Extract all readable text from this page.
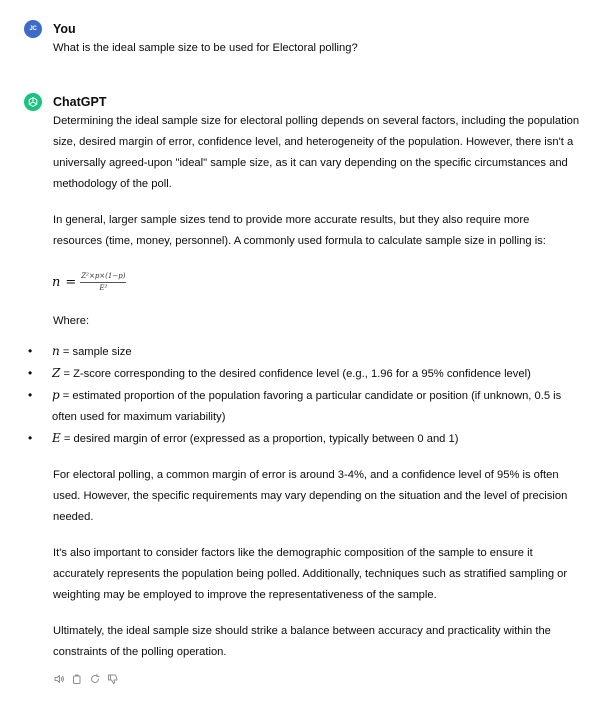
JC	You
What is the ideal sample size to be used for Electoral polling?
ChatGPT

Determining the ideal sample size for electoral polling depends on several factors, including the population size, desired margin of error, confidence level, and heterogeneity of the population. However, there isn't a universally agreed-upon "ideal" sample size, as it can vary depending on the specific circumstances and methodology of the poll.

In general, larger sample sizes tend to provide more accurate results, but they also require more resources (time, money, personnel). A commonly used formula to calculate sample size in polling is:

$n = \frac{\text{Z²×p×(1−p)}}{\text{E²}}$

Where:

• n = sample size
• Z = Z-score corresponding to the desired confidence level (e.g., 1.96 for a 95% confidence level)
• p = estimated proportion of the population favoring a particular candidate or position (if unknown, 0.5 is often used for maximum variability)
• E = desired margin of error (expressed as a proportion, typically between 0 and 1)

For electoral polling, a common margin of error is around 3-4%, and a confidence level of 95% is often used. However, the specific requirements may vary depending on the situation and the level of precision needed.

It's also important to consider factors like the demographic composition of the sample to ensure it accurately represents the population being polled. Additionally, techniques such as stratified sampling or weighting may be employed to improve the representativeness of the sample.

Ultimately, the ideal sample size should strike a balance between accuracy and practicality within the constraints of the polling operation.
